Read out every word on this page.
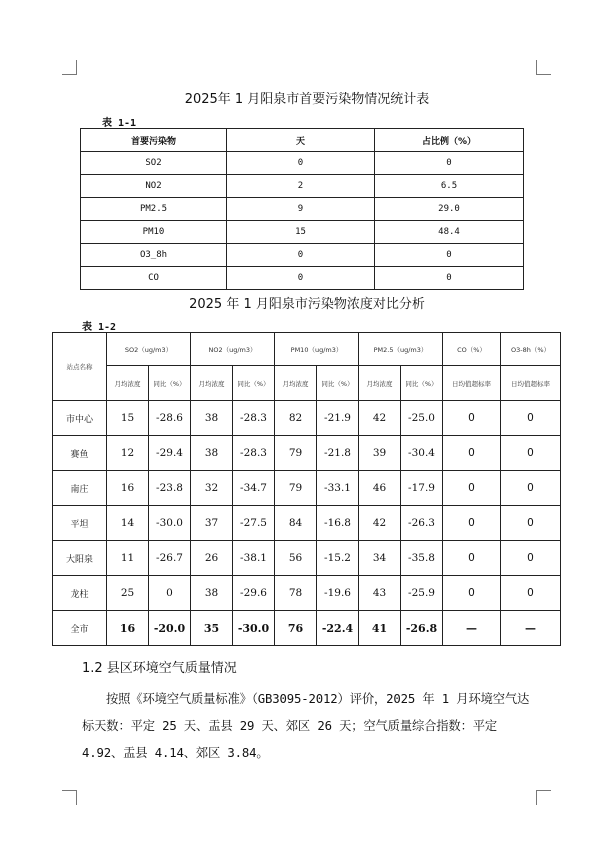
2025年 1 月阳泉市首要污染物情况统计表
表 1-1
首要污染物	天	占比例（%）
SO2	0	0
NO2	2	6.5
PM2.5	9	29.0
PM10	15	48.4
O3_8h	0	0
CO	0	0
2025 年 1 月阳泉市污染物浓度对比分析
表 1-2
站点名称	SO2（ug/m3）		NO2（ug/m3）		PM10（ug/m3）		PM2.5（ug/m3）		CO（%）	O3-8h（%）
	月均浓度	同比（%）	月均浓度	同比（%）	月均浓度	同比（%）	月均浓度	同比（%）	日均值超标率	日均值超标率
市中心	15	-28.6	38	-28.3	82	-21.9	42	-25.0	0	0
赛鱼	12	-29.4	38	-28.3	79	-21.8	39	-30.4	0	0
南庄	16	-23.8	32	-34.7	79	-33.1	46	-17.9	0	0
平坦	14	-30.0	37	-27.5	84	-16.8	42	-26.3	0	0
大阳泉	11	-26.7	26	-38.1	56	-15.2	34	-35.8	0	0
龙柱	25	0	38	-29.6	78	-19.6	43	-25.9	0	0
全市	16	-20.0	35	-30.0	76	-22.4	41	-26.8	—	—
1.2 县区环境空气质量情况
按照《环境空气质量标准》（GB3095-2012）评价，2025 年 1 月环境空气达标天数：平定 25 天、盂县 29 天、郊区 26 天；空气质量综合指数：平定 4.92、盂县 4.14、郊区 3.84。
